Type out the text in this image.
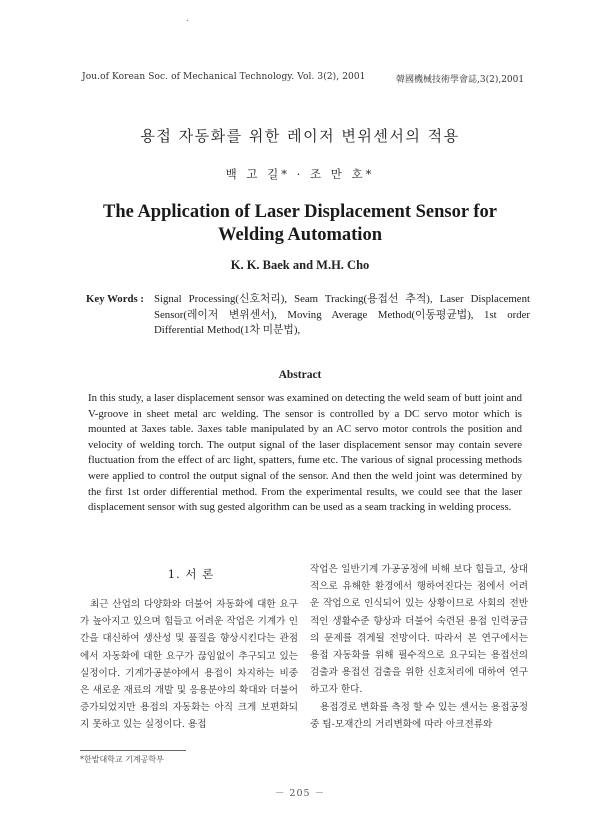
.
Jou.of Korean Soc. of Mechanical Technology. Vol. 3(2), 2001	韓國機械技術學會誌,3(2),2001
용접 자동화를 위한 레이저 변위센서의 적용
백 고 길* · 조 만 호*
The Application of Laser Displacement Sensor for
Welding Automation
K. K. Baek and M.H. Cho
Key Words : Signal Processing(신호처리), Seam Tracking(용접선 추적), Laser Displacement Sensor(레이저 변위센서), Moving Average Method(이동평균법), 1st order Differential Method(1차 미분법),
Abstract
In this study, a laser displacement sensor was examined on detecting the weld seam of butt joint and V-groove in sheet metal arc welding. The sensor is controlled by a DC servo motor which is mounted at 3axes table. 3axes table manipulated by an AC servo motor controls the position and velocity of welding torch. The output signal of the laser displacement sensor may contain severe fluctuation from the effect of arc light, spatters, fume etc. The various of signal processing methods were applied to control the output signal of the sensor. And then the weld joint was determined by the first 1st order differential method. From the experimental results, we could see that the laser displacement sensor with sug gested algorithm can be used as a seam tracking in welding process.
1. 서 론

최근 산업의 다양화와 더불어 자동화에 대한 요구가 높아지고 있으며 힘들고 어려운 작업은 기계가 인간을 대신하여 생산성 및 품질을 향상시킨다는 관점에서 자동화에 대한 요구가 끊임없이 추구되고 있는 실정이다. 기계가공분야에서 용접이 차지하는 비중은 새로운 재료의 개발 및 응용분야의 확대와 더불어 증가되었지만 용접의 자동화는 아직 크게 보편화되지 못하고 있는 실정이다. 용접

작업은 일반기계 가공공정에 비해 보다 힘들고, 상대적으로 유해한 환경에서 행하여진다는 점에서 어려운 작업으로 인식되어 있는 상황이므로 사회의 전반적인 생활수준 향상과 더불어 숙련된 용접 인력공급의 문제를 겪게될 전망이다. 따라서 본 연구에서는 용접 자동화를 위해 필수적으로 요구되는 용접선의 검출과 용접선 검출을 위한 신호처리에 대하여 연구하고자 한다.

용접경로 변화를 측정 할 수 있는 센서는 용접공정 중 팁-모재간의 거리변화에 따라 아크전류와

*한밭대학교 기계공학부
－ 205 －
